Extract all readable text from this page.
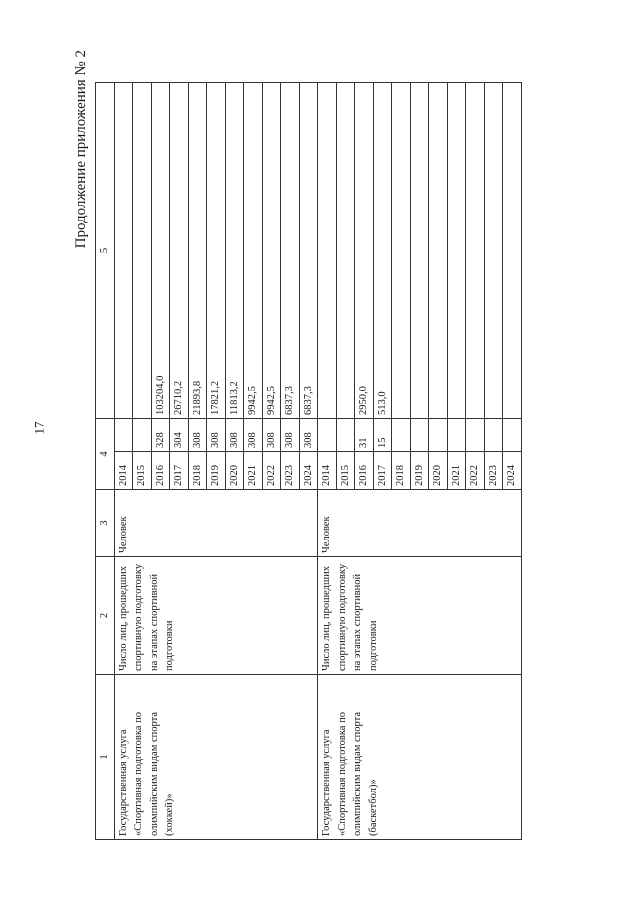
17
Продолжение приложения № 2
1	2	3	4		5
Государственная услуга «Спортивная подготовка по олимпийским видам спорта (хоккей)»	Число лиц, прошедших спортивную подготовку на этапах спортивной подготовки	Человек	2014		
			2015		
			2016	328	103204,0
			2017	304	26710,2
			2018	308	21893,8
			2019	308	17821,2
			2020	308	11813,2
			2021	308	9942,5
			2022	308	9942,5
			2023	308	6837,3
			2024	308	6837,3
Государственная услуга «Спортивная подготовка по олимпийским видам спорта (баскетбол)»	Число лиц, прошедших спортивную подготовку на этапах спортивной подготовки	Человек	2014		
			2015		
			2016	31	2950,0
			2017	15	513,0
			2018		
			2019		
			2020		
			2021		
			2022		
			2023		
			2024		
